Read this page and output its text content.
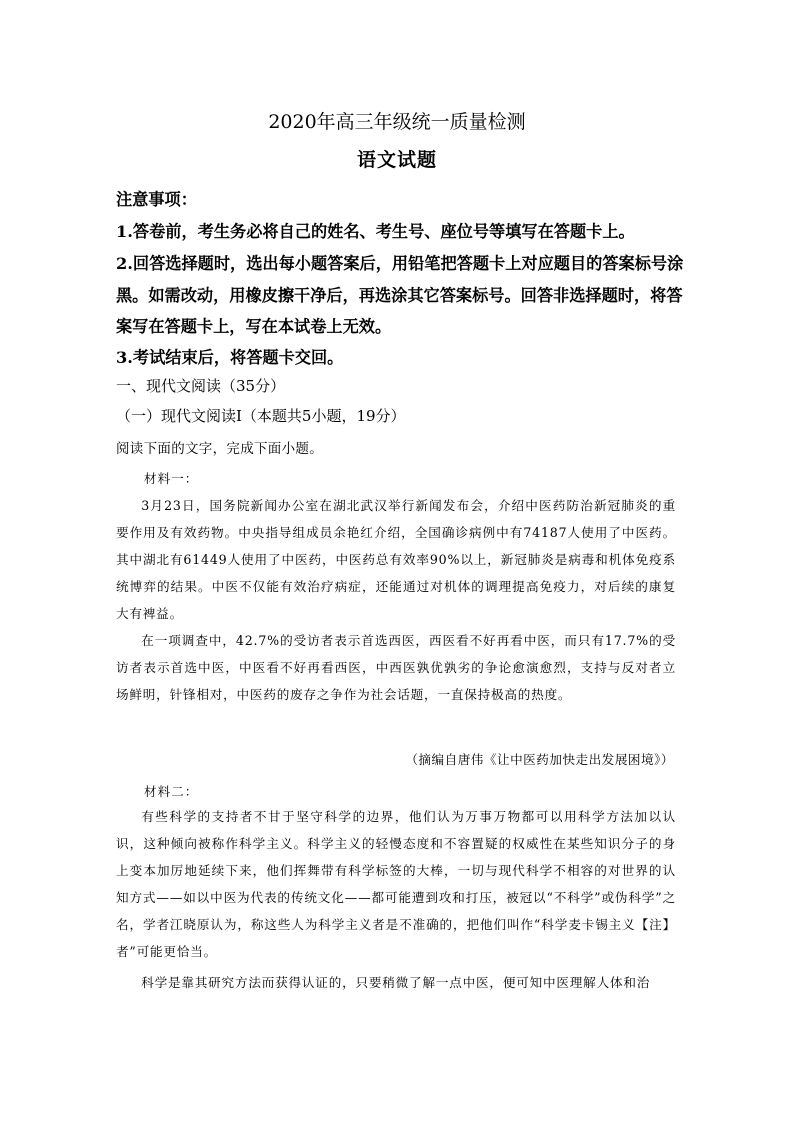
2020年高三年级统一质量检测
语文试题
注意事项：
1.答卷前，考生务必将自己的姓名、考生号、座位号等填写在答题卡上。
2.回答选择题时，选出每小题答案后，用铅笔把答题卡上对应题目的答案标号涂
黑。如需改动，用橡皮擦干净后，再选涂其它答案标号。回答非选择题时，将答
案写在答题卡上，写在本试卷上无效。
3.考试结束后，将答题卡交回。
一、现代文阅读（35分）
（一）现代文阅读Ⅰ（本题共5小题，19分）
阅读下面的文字，完成下面小题。
材料一：

3月23日，国务院新闻办公室在湖北武汉举行新闻发布会，介绍中医药防治新冠肺炎的重要作用及有效药物。中央指导组成员余艳红介绍，全国确诊病例中有74187人使用了中医药。其中湖北有61449人使用了中医药，中医药总有效率90%以上，新冠肺炎是病毒和机体免疫系统博弈的结果。中医不仅能有效治疗病症，还能通过对机体的调理提高免疫力，对后续的康复大有裨益。

在一项调查中，42.7%的受访者表示首选西医，西医看不好再看中医，而只有17.7%的受访者表示首选中医，中医看不好再看西医，中西医孰优孰劣的争论愈演愈烈，支持与反对者立场鲜明，针锋相对，中医药的废存之争作为社会话题，一直保持极高的热度。

（摘编自唐伟《让中医药加快走出发展困境》）
材料二：

有些科学的支持者不甘于坚守科学的边界，他们认为万事万物都可以用科学方法加以认识，这种倾向被称作科学主义。科学主义的轻慢态度和不容置疑的权威性在某些知识分子的身上变本加厉地延续下来，他们挥舞带有科学标签的大棒，一切与现代科学不相容的对世界的认知方式——如以中医为代表的传统文化——都可能遭到攻和打压，被冠以“不科学”或伪科学”之名，学者江晓原认为，称这些人为科学主义者是不准确的，把他们叫作“科学麦卡锡主义【注】者”可能更恰当。

科学是靠其研究方法而获得认证的，只要稍微了解一点中医，便可知中医理解人体和治
